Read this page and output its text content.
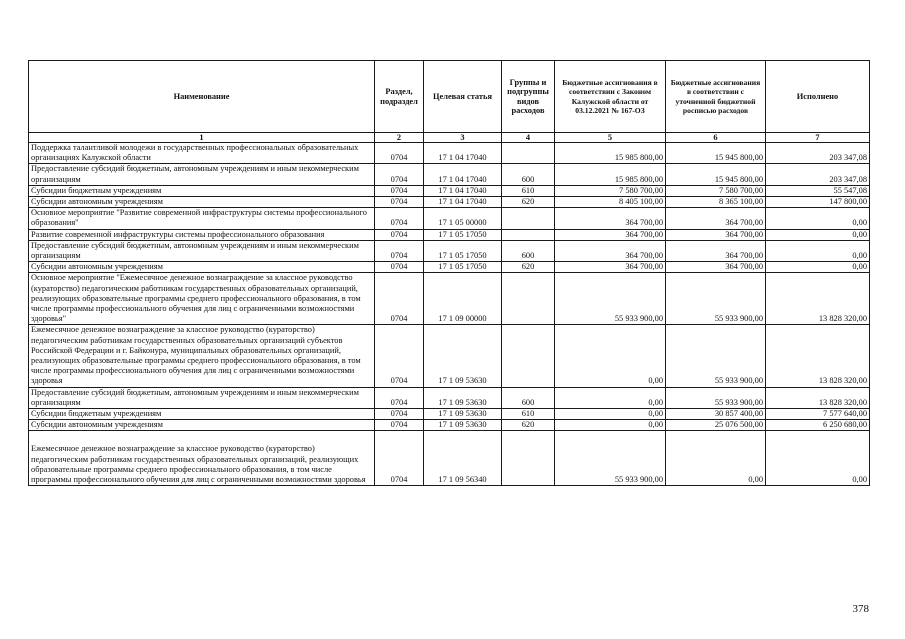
Наименование	Раздел, подраздел	Целевая статья	Группы и подгруппы видов расходов	Бюджетные ассигнования в соответствии с Законом Калужской области от 03.12.2021 № 167-ОЗ	Бюджетные ассигнования в соответствии с уточненной бюджетной росписью расходов	Исполнено
1	2	3	4	5	6	7
Поддержка талантливой молодежи в государственных профессиональных образовательных организациях Калужской области	0704	17 1 04 17040		15 985 800,00	15 945 800,00	203 347,08
Предоставление субсидий бюджетным, автономным учреждениям и иным некоммерческим организациям	0704	17 1 04 17040	600	15 985 800,00	15 945 800,00	203 347,08
Субсидии бюджетным учреждениям	0704	17 1 04 17040	610	7 580 700,00	7 580 700,00	55 547,08
Субсидии автономным учреждениям	0704	17 1 04 17040	620	8 405 100,00	8 365 100,00	147 800,00
Основное мероприятие "Развитие современной инфраструктуры системы профессионального образования"	0704	17 1 05 00000		364 700,00	364 700,00	0,00
Развитие современной инфраструктуры системы профессионального образования	0704	17 1 05 17050		364 700,00	364 700,00	0,00
Предоставление субсидий бюджетным, автономным учреждениям и иным некоммерческим организациям	0704	17 1 05 17050	600	364 700,00	364 700,00	0,00
Субсидии автономным учреждениям	0704	17 1 05 17050	620	364 700,00	364 700,00	0,00
Основное мероприятие "Ежемесячное денежное вознаграждение за классное руководство (кураторство) педагогическим работникам государственных образовательных организаций, реализующих образовательные программы среднего профессионального образования, в том числе программы профессионального обучения для лиц с ограниченными возможностями здоровья"	0704	17 1 09 00000		55 933 900,00	55 933 900,00	13 828 320,00
Ежемесячное денежное вознаграждение за классное руководство (кураторство) педагогическим работникам государственных образовательных организаций субъектов Российской Федерации и г. Байконура, муниципальных образовательных организаций, реализующих образовательные программы среднего профессионального образования, в том числе программы профессионального обучения для лиц с ограниченными возможностями здоровья	0704	17 1 09 53630		0,00	55 933 900,00	13 828 320,00
Предоставление субсидий бюджетным, автономным учреждениям и иным некоммерческим организациям	0704	17 1 09 53630	600	0,00	55 933 900,00	13 828 320,00
Субсидии бюджетным учреждениям	0704	17 1 09 53630	610	0,00	30 857 400,00	7 577 640,00
Субсидии автономным учреждениям	0704	17 1 09 53630	620	0,00	25 076 500,00	6 250 680,00
Ежемесячное денежное вознаграждение за классное руководство (кураторство) педагогическим работникам государственных образовательных организаций, реализующих образовательные программы среднего профессионального образования, в том числе программы профессионального обучения для лиц с ограниченными возможностями здоровья	0704	17 1 09 56340		55 933 900,00	0,00	0,00
378
